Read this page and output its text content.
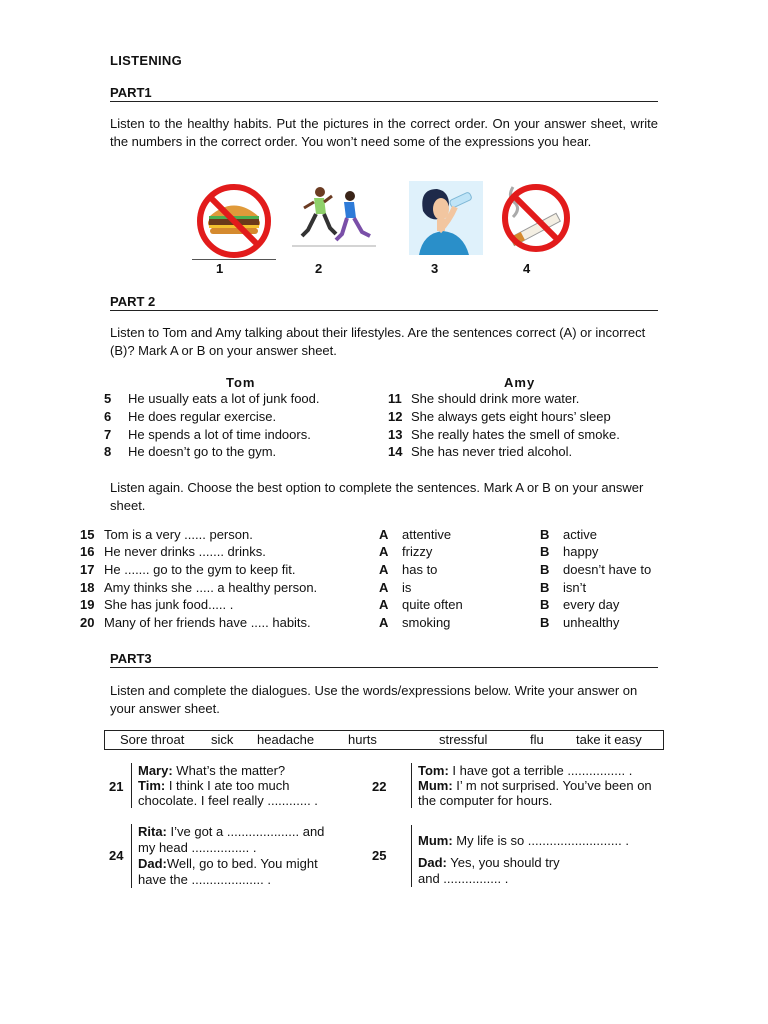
LISTENING
PART1
Listen to the healthy habits. Put the pictures in the correct order. On your answer sheet, write the numbers in the correct order. You won’t need some of the expressions you hear.
1	2	3	4
PART 2
Listen to Tom and Amy talking about their lifestyles. Are the sentences correct (A) or incorrect (B)? Mark A or B on your answer sheet.
Tom	Amy
5 He usually eats a lot of junk food.
6 He does regular exercise.
7 He spends a lot of time indoors.
8 He doesn’t go to the gym.
11 She should drink more water.
12 She always gets eight hours’ sleep
13 She really hates the smell of smoke.
14 She has never tried alcohol.
Listen again. Choose the best option to complete the sentences. Mark A or B on your answer sheet.
15 Tom is a very ...... person.	A attentive	B active
16 He never drinks ....... drinks.	A frizzy	B happy
17 He ....... go to the gym to keep fit.	A has to	B doesn’t have to
18 Amy thinks she ..... a healthy person.	A is	B isn’t
19 She has junk food..... .	A quite often	B every day
20 Many of her friends have ..... habits.	A smoking	B unhealthy
PART3
Listen and complete the dialogues. Use the words/expressions below. Write your answer on your answer sheet.
Sore throat sick headache	hurts	stressful	flu take it easy
21
Mary: What’s the matter?
Tim: I think I ate too much
chocolate. I feel really ............ .
22
Tom: I have got a terrible ................ .
Mum: I’ m not surprised. You’ve been on
the computer for hours.
24
Rita: I’ve got a .................... and
my head ................ .
Dad:Well, go to bed. You might
have the .................... .
25
Mum: My life is so .......................... .
Dad: Yes, you should try
and ................ .
